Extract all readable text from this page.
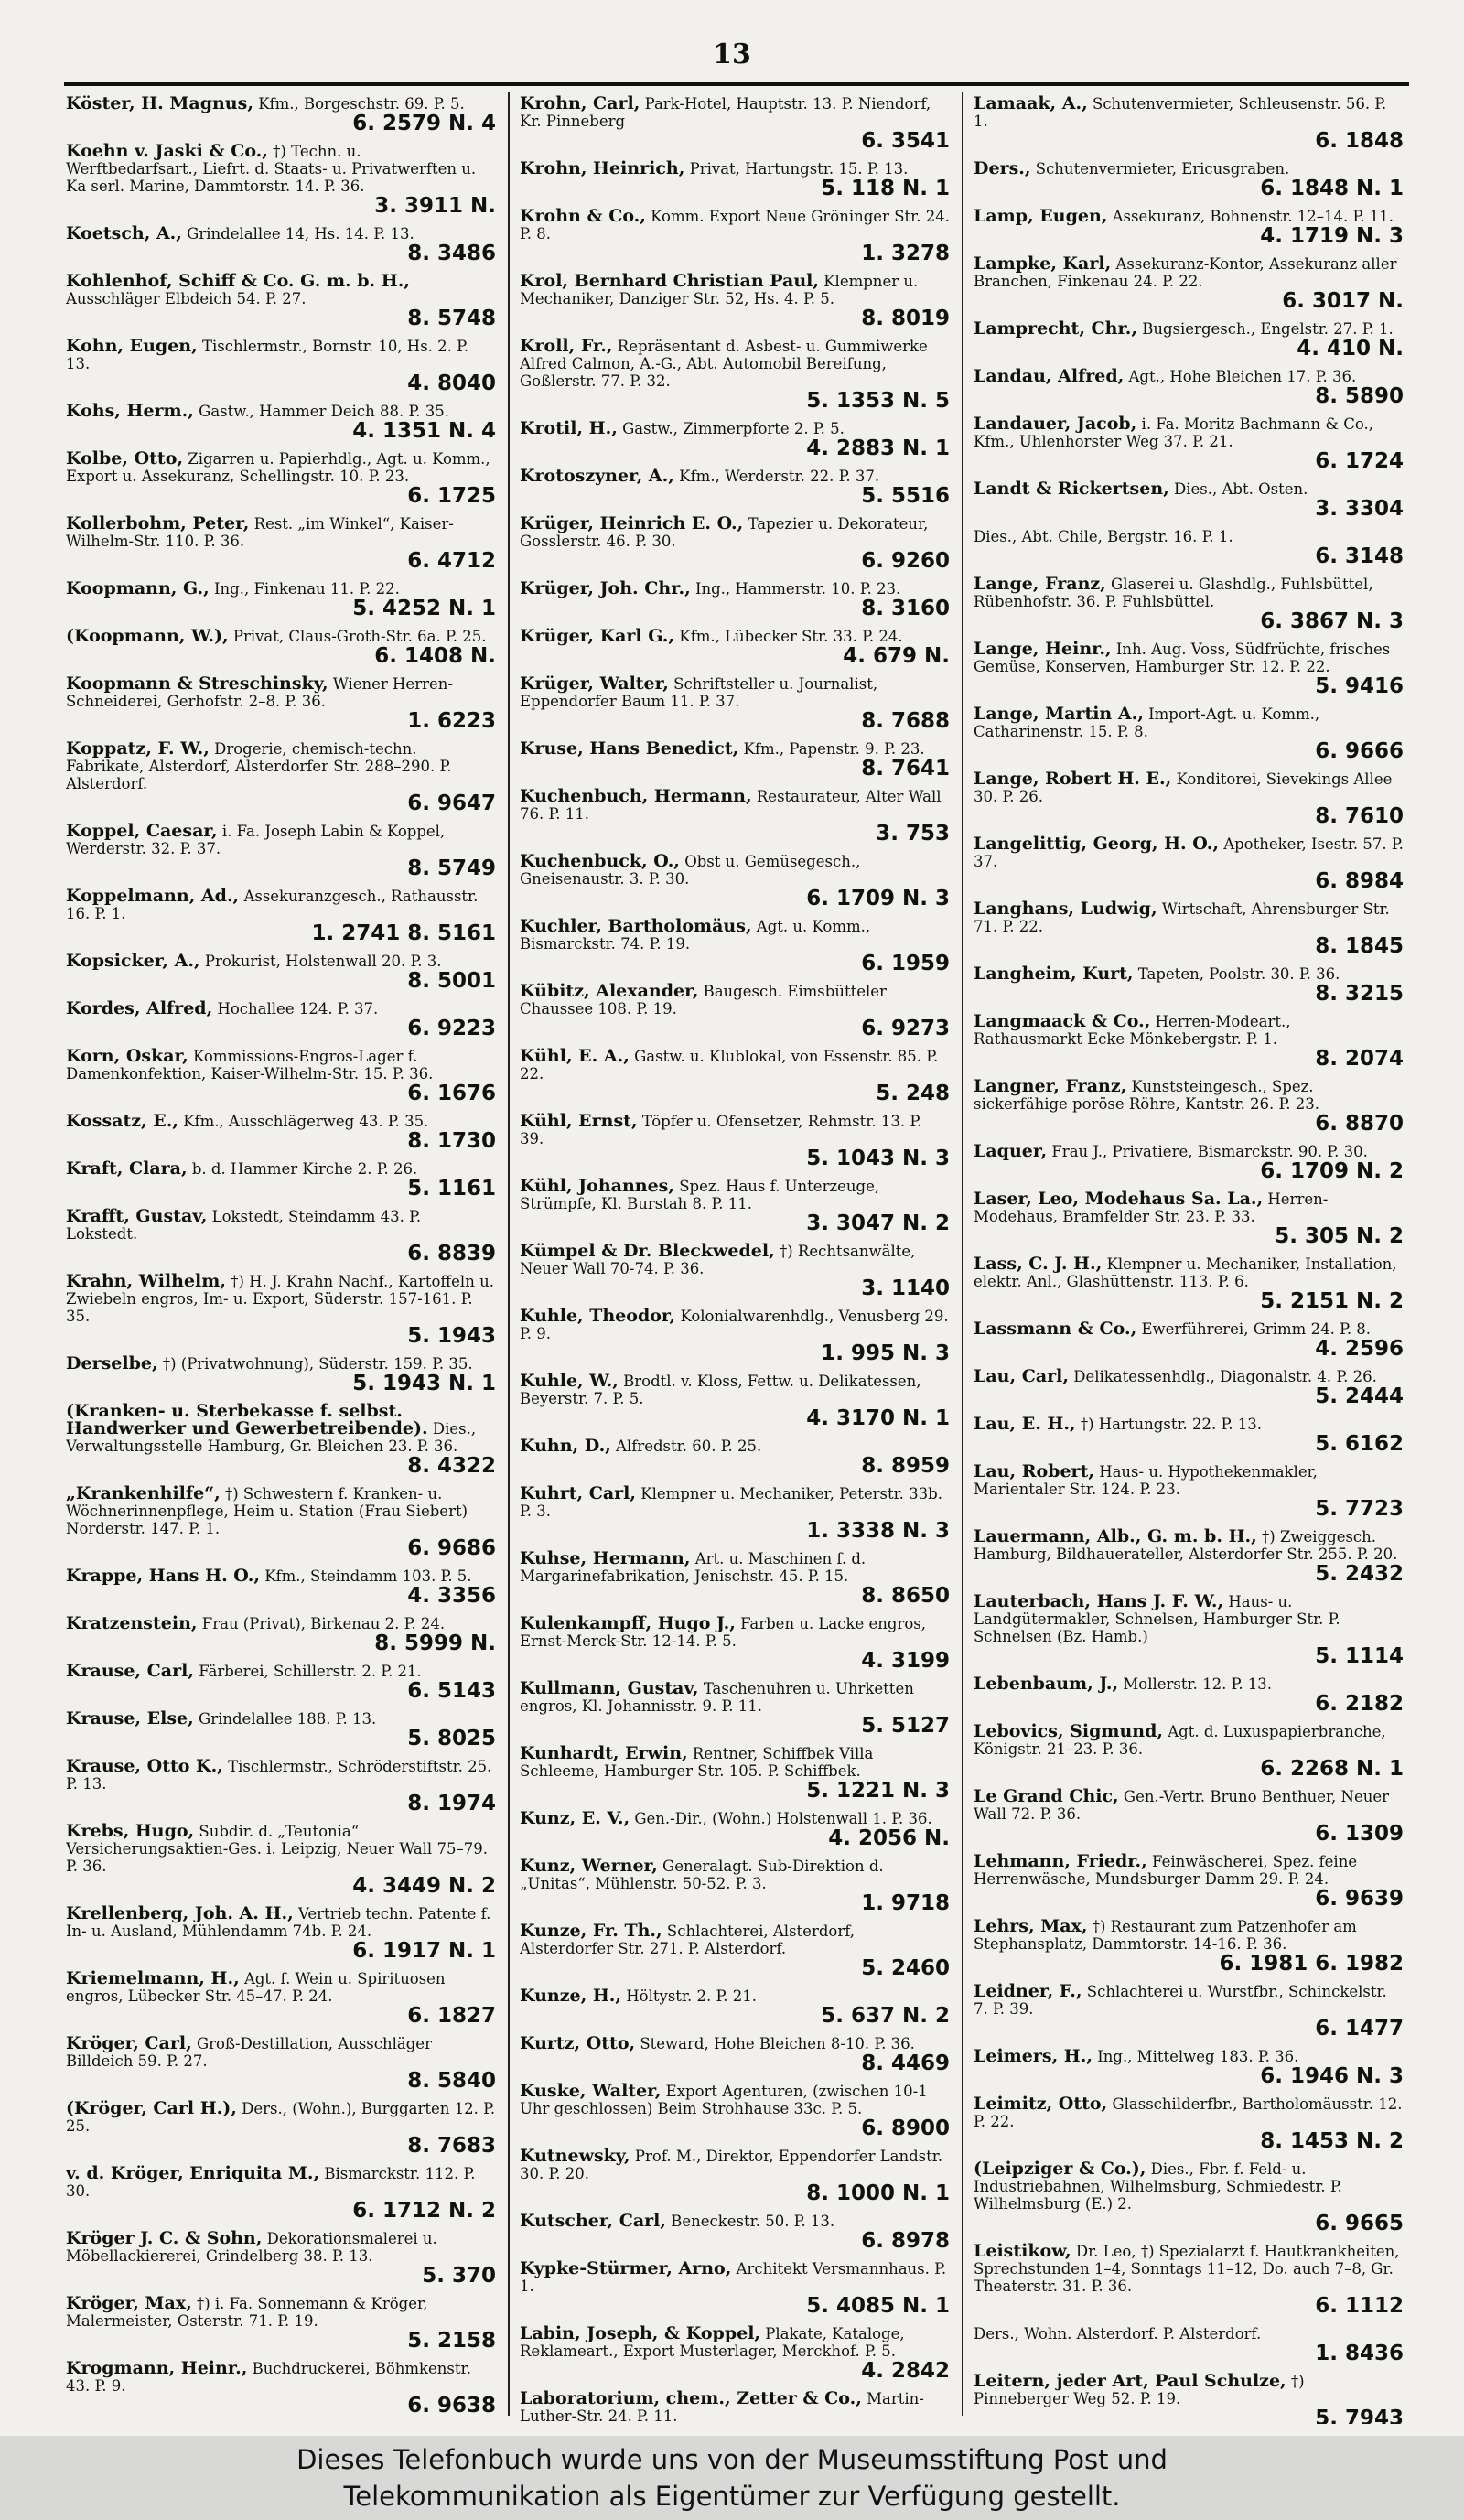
13
Köster, H. Magnus, Kfm., Borgeschstr. 69. P. 5.
6. 2579 N. 4
Koehn v. Jaski & Co., †) Techn. u. Werftbedarfsart., Liefrt. d. Staats- u. Privatwerften u. Ka serl. Marine, Dammtorstr. 14. P. 36.
3. 3911 N.
Koetsch, A., Grindelallee 14, Hs. 14. P. 13.
8. 3486
Kohlenhof, Schiff & Co. G. m. b. H., Ausschläger Elbdeich 54. P. 27.
8. 5748
Kohn, Eugen, Tischlermstr., Bornstr. 10, Hs. 2. P. 13.
4. 8040
Kohs, Herm., Gastw., Hammer Deich 88. P. 35.
4. 1351 N. 4
Kolbe, Otto, Zigarren u. Papierhdlg., Agt. u. Komm., Export u. Assekuranz, Schellingstr. 10. P. 23.
6. 1725
Kollerbohm, Peter, Rest. „im Winkel“, Kaiser-Wilhelm-Str. 110. P. 36.
6. 4712
Koopmann, G., Ing., Finkenau 11. P. 22.
5. 4252 N. 1
(Koopmann, W.), Privat, Claus-Groth-Str. 6a. P. 25.
6. 1408 N.
Koopmann & Streschinsky, Wiener Herren-Schneiderei, Gerhofstr. 2–8. P. 36.
1. 6223
Koppatz, F. W., Drogerie, chemisch-techn. Fabrikate, Alsterdorf, Alsterdorfer Str. 288–290. P. Alsterdorf.
6. 9647
Koppel, Caesar, i. Fa. Joseph Labin & Koppel, Werderstr. 32. P. 37.
8. 5749
Koppelmann, Ad., Assekuranzgesch., Rathausstr. 16. P. 1.
1. 2741 8. 5161
Kopsicker, A., Prokurist, Holstenwall 20. P. 3.
8. 5001
Kordes, Alfred, Hochallee 124. P. 37.
6. 9223
Korn, Oskar, Kommissions-Engros-Lager f. Damenkonfektion, Kaiser-Wilhelm-Str. 15. P. 36.
6. 1676
Kossatz, E., Kfm., Ausschlägerweg 43. P. 35.
8. 1730
Kraft, Clara, b. d. Hammer Kirche 2. P. 26.
5. 1161
Krafft, Gustav, Lokstedt, Steindamm 43. P. Lokstedt.
6. 8839
Krahn, Wilhelm, †) H. J. Krahn Nachf., Kartoffeln u. Zwiebeln engros, Im- u. Export, Süderstr. 157-161. P. 35.
5. 1943
Derselbe, †) (Privatwohnung), Süderstr. 159. P. 35.
5. 1943 N. 1
(Kranken- u. Sterbekasse f. selbst. Handwerker und Gewerbetreibende). Dies., Verwaltungsstelle Hamburg, Gr. Bleichen 23. P. 36.
8. 4322
„Krankenhilfe“, †) Schwestern f. Kranken- u. Wöchnerinnenpflege, Heim u. Station (Frau Siebert) Norderstr. 147. P. 1.
6. 9686
Krappe, Hans H. O., Kfm., Steindamm 103. P. 5.
4. 3356
Kratzenstein, Frau (Privat), Birkenau 2. P. 24.
8. 5999 N.
Krause, Carl, Färberei, Schillerstr. 2. P. 21.
6. 5143
Krause, Else, Grindelallee 188. P. 13.
5. 8025
Krause, Otto K., Tischlermstr., Schröderstiftstr. 25. P. 13.
8. 1974
Krebs, Hugo, Subdir. d. „Teutonia“ Versicherungsaktien-Ges. i. Leipzig, Neuer Wall 75–79. P. 36.
4. 3449 N. 2
Krellenberg, Joh. A. H., Vertrieb techn. Patente f. In- u. Ausland, Mühlendamm 74b. P. 24.
6. 1917 N. 1
Kriemelmann, H., Agt. f. Wein u. Spirituosen engros, Lübecker Str. 45–47. P. 24.
6. 1827
Kröger, Carl, Groß-Destillation, Ausschläger Billdeich 59. P. 27.
8. 5840
(Kröger, Carl H.), Ders., (Wohn.), Burggarten 12. P. 25.
8. 7683
v. d. Kröger, Enriquita M., Bismarckstr. 112. P. 30.
6. 1712 N. 2
Kröger J. C. & Sohn, Dekorationsmalerei u. Möbellackiererei, Grindelberg 38. P. 13.
5. 370
Kröger, Max, †) i. Fa. Sonnemann & Kröger, Malermeister, Osterstr. 71. P. 19.
5. 2158
Krogmann, Heinr., Buchdruckerei, Böhmkenstr. 43. P. 9.
6. 9638
Krohn, Carl, Park-Hotel, Hauptstr. 13. P. Niendorf, Kr. Pinneberg
6. 3541
Krohn, Heinrich, Privat, Hartungstr. 15. P. 13.
5. 118 N. 1
Krohn & Co., Komm. Export Neue Gröninger Str. 24. P. 8.
1. 3278
Krol, Bernhard Christian Paul, Klempner u. Mechaniker, Danziger Str. 52, Hs. 4. P. 5.
8. 8019
Kroll, Fr., Repräsentant d. Asbest- u. Gummiwerke Alfred Calmon, A.-G., Abt. Automobil Bereifung, Goßlerstr. 77. P. 32.
5. 1353 N. 5
Krotil, H., Gastw., Zimmerpforte 2. P. 5.
4. 2883 N. 1
Krotoszyner, A., Kfm., Werderstr. 22. P. 37.
5. 5516
Krüger, Heinrich E. O., Tapezier u. Dekorateur, Gosslerstr. 46. P. 30.
6. 9260
Krüger, Joh. Chr., Ing., Hammerstr. 10. P. 23.
8. 3160
Krüger, Karl G., Kfm., Lübecker Str. 33. P. 24.
4. 679 N.
Krüger, Walter, Schriftsteller u. Journalist, Eppendorfer Baum 11. P. 37.
8. 7688
Kruse, Hans Benedict, Kfm., Papenstr. 9. P. 23.
8. 7641
Kuchenbuch, Hermann, Restaurateur, Alter Wall 76. P. 11.
3. 753
Kuchenbuck, O., Obst u. Gemüsegesch., Gneisenaustr. 3. P. 30.
6. 1709 N. 3
Kuchler, Bartholomäus, Agt. u. Komm., Bismarckstr. 74. P. 19.
6. 1959
Kübitz, Alexander, Baugesch. Eimsbütteler Chaussee 108. P. 19.
6. 9273
Kühl, E. A., Gastw. u. Klublokal, von Essenstr. 85. P. 22.
5. 248
Kühl, Ernst, Töpfer u. Ofensetzer, Rehmstr. 13. P. 39.
5. 1043 N. 3
Kühl, Johannes, Spez. Haus f. Unterzeuge, Strümpfe, Kl. Burstah 8. P. 11.
3. 3047 N. 2
Kümpel & Dr. Bleckwedel, †) Rechtsanwälte, Neuer Wall 70-74. P. 36.
3. 1140
Kuhle, Theodor, Kolonialwarenhdlg., Venusberg 29. P. 9.
1. 995 N. 3
Kuhle, W., Brodtl. v. Kloss, Fettw. u. Delikatessen, Beyerstr. 7. P. 5.
4. 3170 N. 1
Kuhn, D., Alfredstr. 60. P. 25.
8. 8959
Kuhrt, Carl, Klempner u. Mechaniker, Peterstr. 33b. P. 3.
1. 3338 N. 3
Kuhse, Hermann, Art. u. Maschinen f. d. Margarinefabrikation, Jenischstr. 45. P. 15.
8. 8650
Kulenkampff, Hugo J., Farben u. Lacke engros, Ernst-Merck-Str. 12-14. P. 5.
4. 3199
Kullmann, Gustav, Taschenuhren u. Uhrketten engros, Kl. Johannisstr. 9. P. 11.
5. 5127
Kunhardt, Erwin, Rentner, Schiffbek Villa Schleeme, Hamburger Str. 105. P. Schiffbek.
5. 1221 N. 3
Kunz, E. V., Gen.-Dir., (Wohn.) Holstenwall 1. P. 36.
4. 2056 N.
Kunz, Werner, Generalagt. Sub-Direktion d. „Unitas“, Mühlenstr. 50-52. P. 3.
1. 9718
Kunze, Fr. Th., Schlachterei, Alsterdorf, Alsterdorfer Str. 271. P. Alsterdorf.
5. 2460
Kunze, H., Höltystr. 2. P. 21.
5. 637 N. 2
Kurtz, Otto, Steward, Hohe Bleichen 8-10. P. 36.
8. 4469
Kuske, Walter, Export Agenturen, (zwischen 10-1 Uhr geschlossen) Beim Strohhause 33c. P. 5.
6. 8900
Kutnewsky, Prof. M., Direktor, Eppendorfer Landstr. 30. P. 20.
8. 1000 N. 1
Kutscher, Carl, Beneckestr. 50. P. 13.
6. 8978
Kypke-Stürmer, Arno, Architekt Versmannhaus. P. 1.
5. 4085 N. 1
Labin, Joseph, & Koppel, Plakate, Kataloge, Reklameart., Export Musterlager, Merckhof. P. 5.
4. 2842
Laboratorium, chem., Zetter & Co., Martin-Luther-Str. 24. P. 11.
Lamaak, A., Schutenvermieter, Schleusenstr. 56. P. 1.
6. 1848
Ders., Schutenvermieter, Ericusgraben.
6. 1848 N. 1
Lamp, Eugen, Assekuranz, Bohnenstr. 12–14. P. 11.
4. 1719 N. 3
Lampke, Karl, Assekuranz-Kontor, Assekuranz aller Branchen, Finkenau 24. P. 22.
6. 3017 N.
Lamprecht, Chr., Bugsiergesch., Engelstr. 27. P. 1.
4. 410 N.
Landau, Alfred, Agt., Hohe Bleichen 17. P. 36.
8. 5890
Landauer, Jacob, i. Fa. Moritz Bachmann & Co., Kfm., Uhlenhorster Weg 37. P. 21.
6. 1724
Landt & Rickertsen, Dies., Abt. Osten.
3. 3304
Dies., Abt. Chile, Bergstr. 16. P. 1.
6. 3148
Lange, Franz, Glaserei u. Glashdlg., Fuhlsbüttel, Rübenhofstr. 36. P. Fuhlsbüttel.
6. 3867 N. 3
Lange, Heinr., Inh. Aug. Voss, Südfrüchte, frisches Gemüse, Konserven, Hamburger Str. 12. P. 22.
5. 9416
Lange, Martin A., Import-Agt. u. Komm., Catharinenstr. 15. P. 8.
6. 9666
Lange, Robert H. E., Konditorei, Sievekings Allee 30. P. 26.
8. 7610
Langelittig, Georg, H. O., Apotheker, Isestr. 57. P. 37.
6. 8984
Langhans, Ludwig, Wirtschaft, Ahrensburger Str. 71. P. 22.
8. 1845
Langheim, Kurt, Tapeten, Poolstr. 30. P. 36.
8. 3215
Langmaack & Co., Herren-Modeart., Rathausmarkt Ecke Mönkebergstr. P. 1.
8. 2074
Langner, Franz, Kunststeingesch., Spez. sickerfähige poröse Röhre, Kantstr. 26. P. 23.
6. 8870
Laquer, Frau J., Privatiere, Bismarckstr. 90. P. 30.
6. 1709 N. 2
Laser, Leo, Modehaus Sa. La., Herren-Modehaus, Bramfelder Str. 23. P. 33.
5. 305 N. 2
Lass, C. J. H., Klempner u. Mechaniker, Installation, elektr. Anl., Glashüttenstr. 113. P. 6.
5. 2151 N. 2
Lassmann & Co., Ewerführerei, Grimm 24. P. 8.
4. 2596
Lau, Carl, Delikatessenhdlg., Diagonalstr. 4. P. 26.
5. 2444
Lau, E. H., †) Hartungstr. 22. P. 13.
5. 6162
Lau, Robert, Haus- u. Hypothekenmakler, Marientaler Str. 124. P. 23.
5. 7723
Lauermann, Alb., G. m. b. H., †) Zweiggesch. Hamburg, Bildhauerateller, Alsterdorfer Str. 255. P. 20.
5. 2432
Lauterbach, Hans J. F. W., Haus- u. Landgütermakler, Schnelsen, Hamburger Str. P. Schnelsen (Bz. Hamb.)
5. 1114
Lebenbaum, J., Mollerstr. 12. P. 13.
6. 2182
Lebovics, Sigmund, Agt. d. Luxuspapierbranche, Königstr. 21–23. P. 36.
6. 2268 N. 1
Le Grand Chic, Gen.-Vertr. Bruno Benthuer, Neuer Wall 72. P. 36.
6. 1309
Lehmann, Friedr., Feinwäscherei, Spez. feine Herrenwäsche, Mundsburger Damm 29. P. 24.
6. 9639
Lehrs, Max, †) Restaurant zum Patzenhofer am Stephansplatz, Dammtorstr. 14-16. P. 36.
6. 1981 6. 1982
Leidner, F., Schlachterei u. Wurstfbr., Schinckelstr. 7. P. 39.
6. 1477
Leimers, H., Ing., Mittelweg 183. P. 36.
6. 1946 N. 3
Leimitz, Otto, Glasschilderfbr., Bartholomäusstr. 12. P. 22.
8. 1453 N. 2
(Leipziger & Co.), Dies., Fbr. f. Feld- u. Industriebahnen, Wilhelmsburg, Schmiedestr. P. Wilhelmsburg (E.) 2.
6. 9665
Leistikow, Dr. Leo, †) Spezialarzt f. Hautkrankheiten, Sprechstunden 1–4, Sonntags 11–12, Do. auch 7–8, Gr. Theaterstr. 31. P. 36.
6. 1112
Ders., Wohn. Alsterdorf. P. Alsterdorf.
1. 8436
Leitern, jeder Art, Paul Schulze, †) Pinneberger Weg 52. P. 19.
5. 7943
Dieses Telefonbuch wurde uns von der Museumsstiftung Post und
Telekommunikation als Eigentümer zur Verfügung gestellt.
